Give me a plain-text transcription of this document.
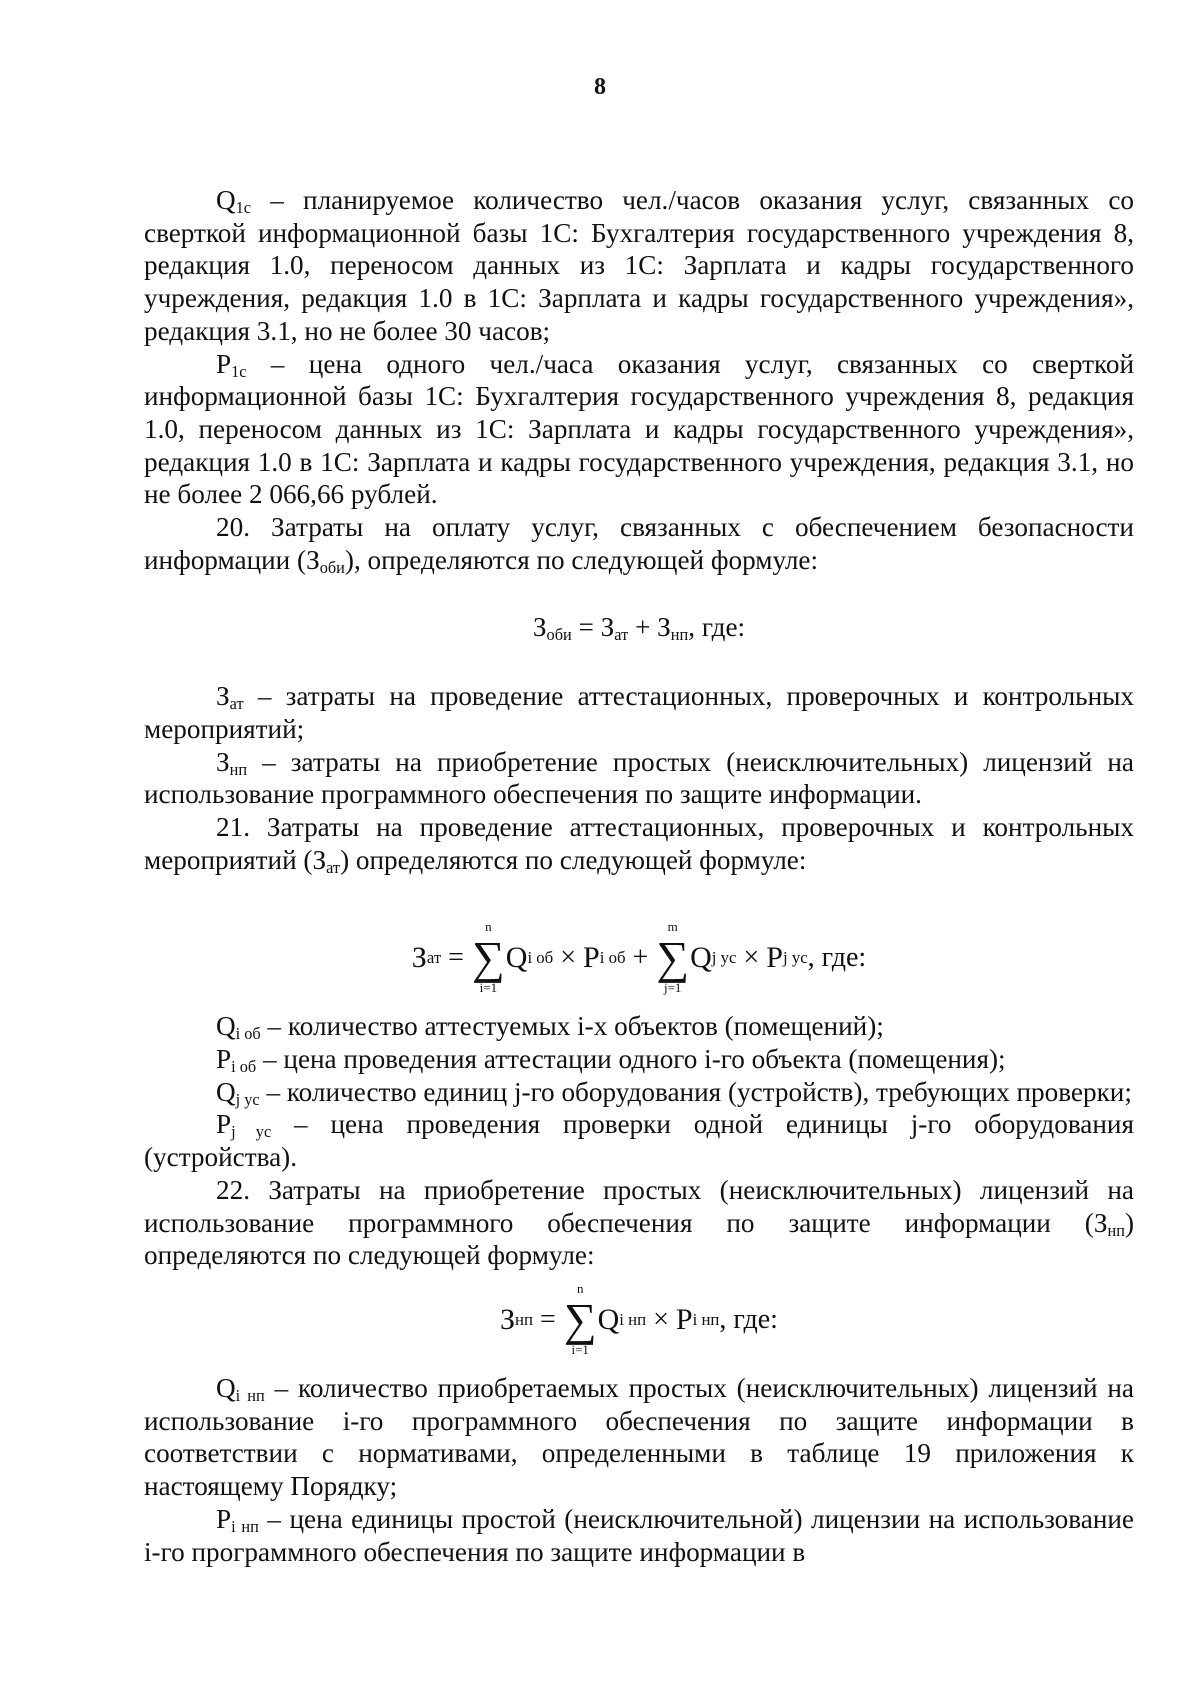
8

$Q_{1с}$ – планируемое количество чел./часов оказания услуг, связанных со сверткой информационной базы 1С: Бухгалтерия государственного учреждения 8, редакция 1.0, переносом данных из 1С: Зарплата и кадры государственного учреждения, редакция 1.0 в 1С: Зарплата и кадры государственного учреждения», редакция 3.1, но не более 30 часов;

$P_{1с}$ – цена одного чел./часа оказания услуг, связанных со сверткой информационной базы 1С: Бухгалтерия государственного учреждения 8, редакция 1.0, переносом данных из 1С: Зарплата и кадры государственного учреждения», редакция 1.0 в 1С: Зарплата и кадры государственного учреждения, редакция 3.1, но не более 2 066,66 рублей.

20. Затраты на оплату услуг, связанных с обеспечением безопасности информации $(З_{оби})$, определяются по следующей формуле:

$З_{оби} = З_{ат} + З_{нп}$, где:

$З_{ат}$ – затраты на проведение аттестационных, проверочных и контрольных мероприятий;

$З_{нп}$ – затраты на приобретение простых (неисключительных) лицензий на использование программного обеспечения по защите информации.

21. Затраты на проведение аттестационных, проверочных и контрольных мероприятий $(З_{ат})$ определяются по следующей формуле:

З ат =
n
∑
i=1
Q i об × P i об +
m
∑
j=1
Q j ус × P j ус , где:

$Q_{i об}$ – количество аттестуемых i-х объектов (помещений);

$P_{i об}$ – цена проведения аттестации одного i-го объекта (помещения);

$Q_{j ус}$ – количество единиц j-го оборудования (устройств), требующих проверки;

$P_{j ус}$ – цена проведения проверки одной единицы j-го оборудования (устройства).

22. Затраты на приобретение простых (неисключительных) лицензий на использование программного обеспечения по защите информации $(З_{нп})$ определяются по следующей формуле:

З нп =
n
∑
i=1
Q i нп × P i нп , где:

$Q_{i нп}$ – количество приобретаемых простых (неисключительных) лицензий на использование i-го программного обеспечения по защите информации в соответствии с нормативами, определенными в таблице 19 приложения к настоящему Порядку;

$P_{i нп}$ – цена единицы простой (неисключительной) лицензии на использование i-го программного обеспечения по защите информации в
